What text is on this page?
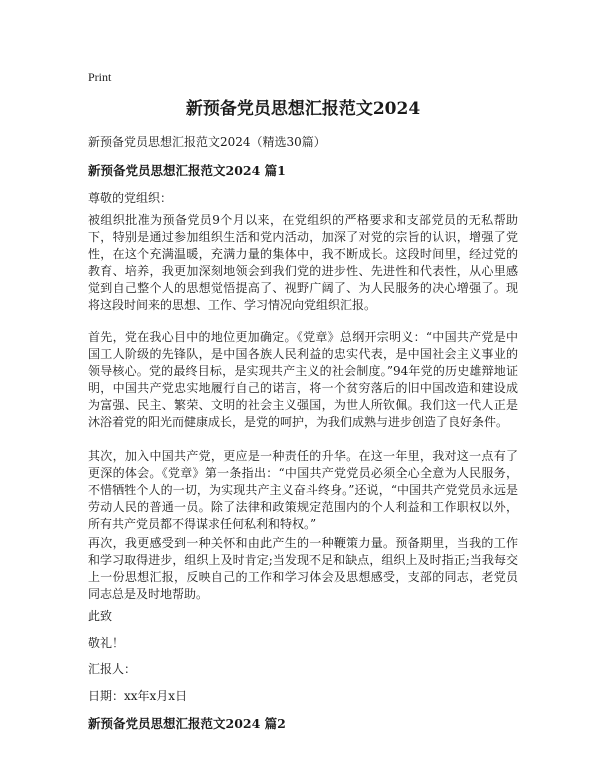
Print
新预备党员思想汇报范文2024
新预备党员思想汇报范文2024（精选30篇）
新预备党员思想汇报范文2024 篇1
尊敬的党组织：
被组织批准为预备党员9个月以来，在党组织的严格要求和支部党员的无私帮助下，特别是通过参加组织生活和党内活动，加深了对党的宗旨的认识，增强了党性，在这个充满温暖，充满力量的集体中，我不断成长。这段时间里，经过党的教育、培养，我更加深刻地领会到我们党的进步性、先进性和代表性，从心里感觉到自己整个人的思想觉悟提高了、视野广阔了、为人民服务的决心增强了。现将这段时间来的思想、工作、学习情况向党组织汇报。
首先，党在我心目中的地位更加确定。《党章》总纲开宗明义：“中国共产党是中国工人阶级的先锋队，是中国各族人民利益的忠实代表，是中国社会主义事业的领导核心。党的最终目标，是实现共产主义的社会制度。”94年党的历史雄辩地证明，中国共产党忠实地履行自己的诺言，将一个贫穷落后的旧中国改造和建设成为富强、民主、繁荣、文明的社会主义强国，为世人所钦佩。我们这一代人正是沐浴着党的阳光而健康成长，是党的呵护，为我们成熟与进步创造了良好条件。
其次，加入中国共产党，更应是一种责任的升华。在这一年里，我对这一点有了更深的体会。《党章》第一条指出：“中国共产党党员必须全心全意为人民服务，不惜牺牲个人的一切，为实现共产主义奋斗终身。”还说，“中国共产党党员永远是劳动人民的普通一员。除了法律和政策规定范围内的个人利益和工作职权以外，所有共产党员都不得谋求任何私利和特权。”
再次，我更感受到一种关怀和由此产生的一种鞭策力量。预备期里，当我的工作和学习取得进步，组织上及时肯定;当发现不足和缺点，组织上及时指正;当我每交上一份思想汇报，反映自己的工作和学习体会及思想感受，支部的同志，老党员同志总是及时地帮助。
此致
敬礼！
汇报人：
日期：xx年x月x日
新预备党员思想汇报范文2024 篇2
